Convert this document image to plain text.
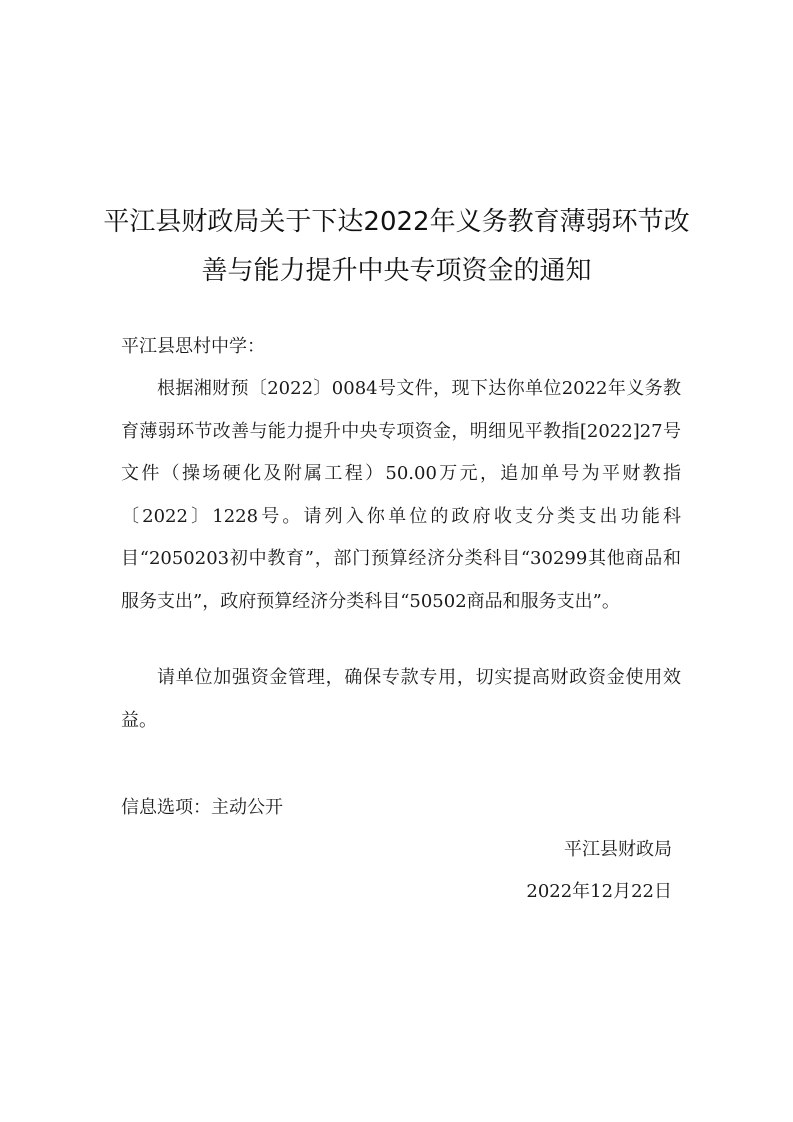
平江县财政局关于下达2022年义务教育薄弱环节改
善与能力提升中央专项资金的通知
平江县思村中学：

根据湘财预〔2022〕0084号文件，现下达你单位2022年义务教育薄弱环节改善与能力提升中央专项资金，明细见平教指[2022]27号文件（操场硬化及附属工程）50.00万元，追加单号为平财教指〔2022〕1228号。请列入你单位的政府收支分类支出功能科目“2050203初中教育”，部门预算经济分类科目“30299其他商品和服务支出”，政府预算经济分类科目“50502商品和服务支出”。

请单位加强资金管理，确保专款专用，切实提高财政资金使用效益。

信息选项：主动公开
平江县财政局
2022年12月22日
